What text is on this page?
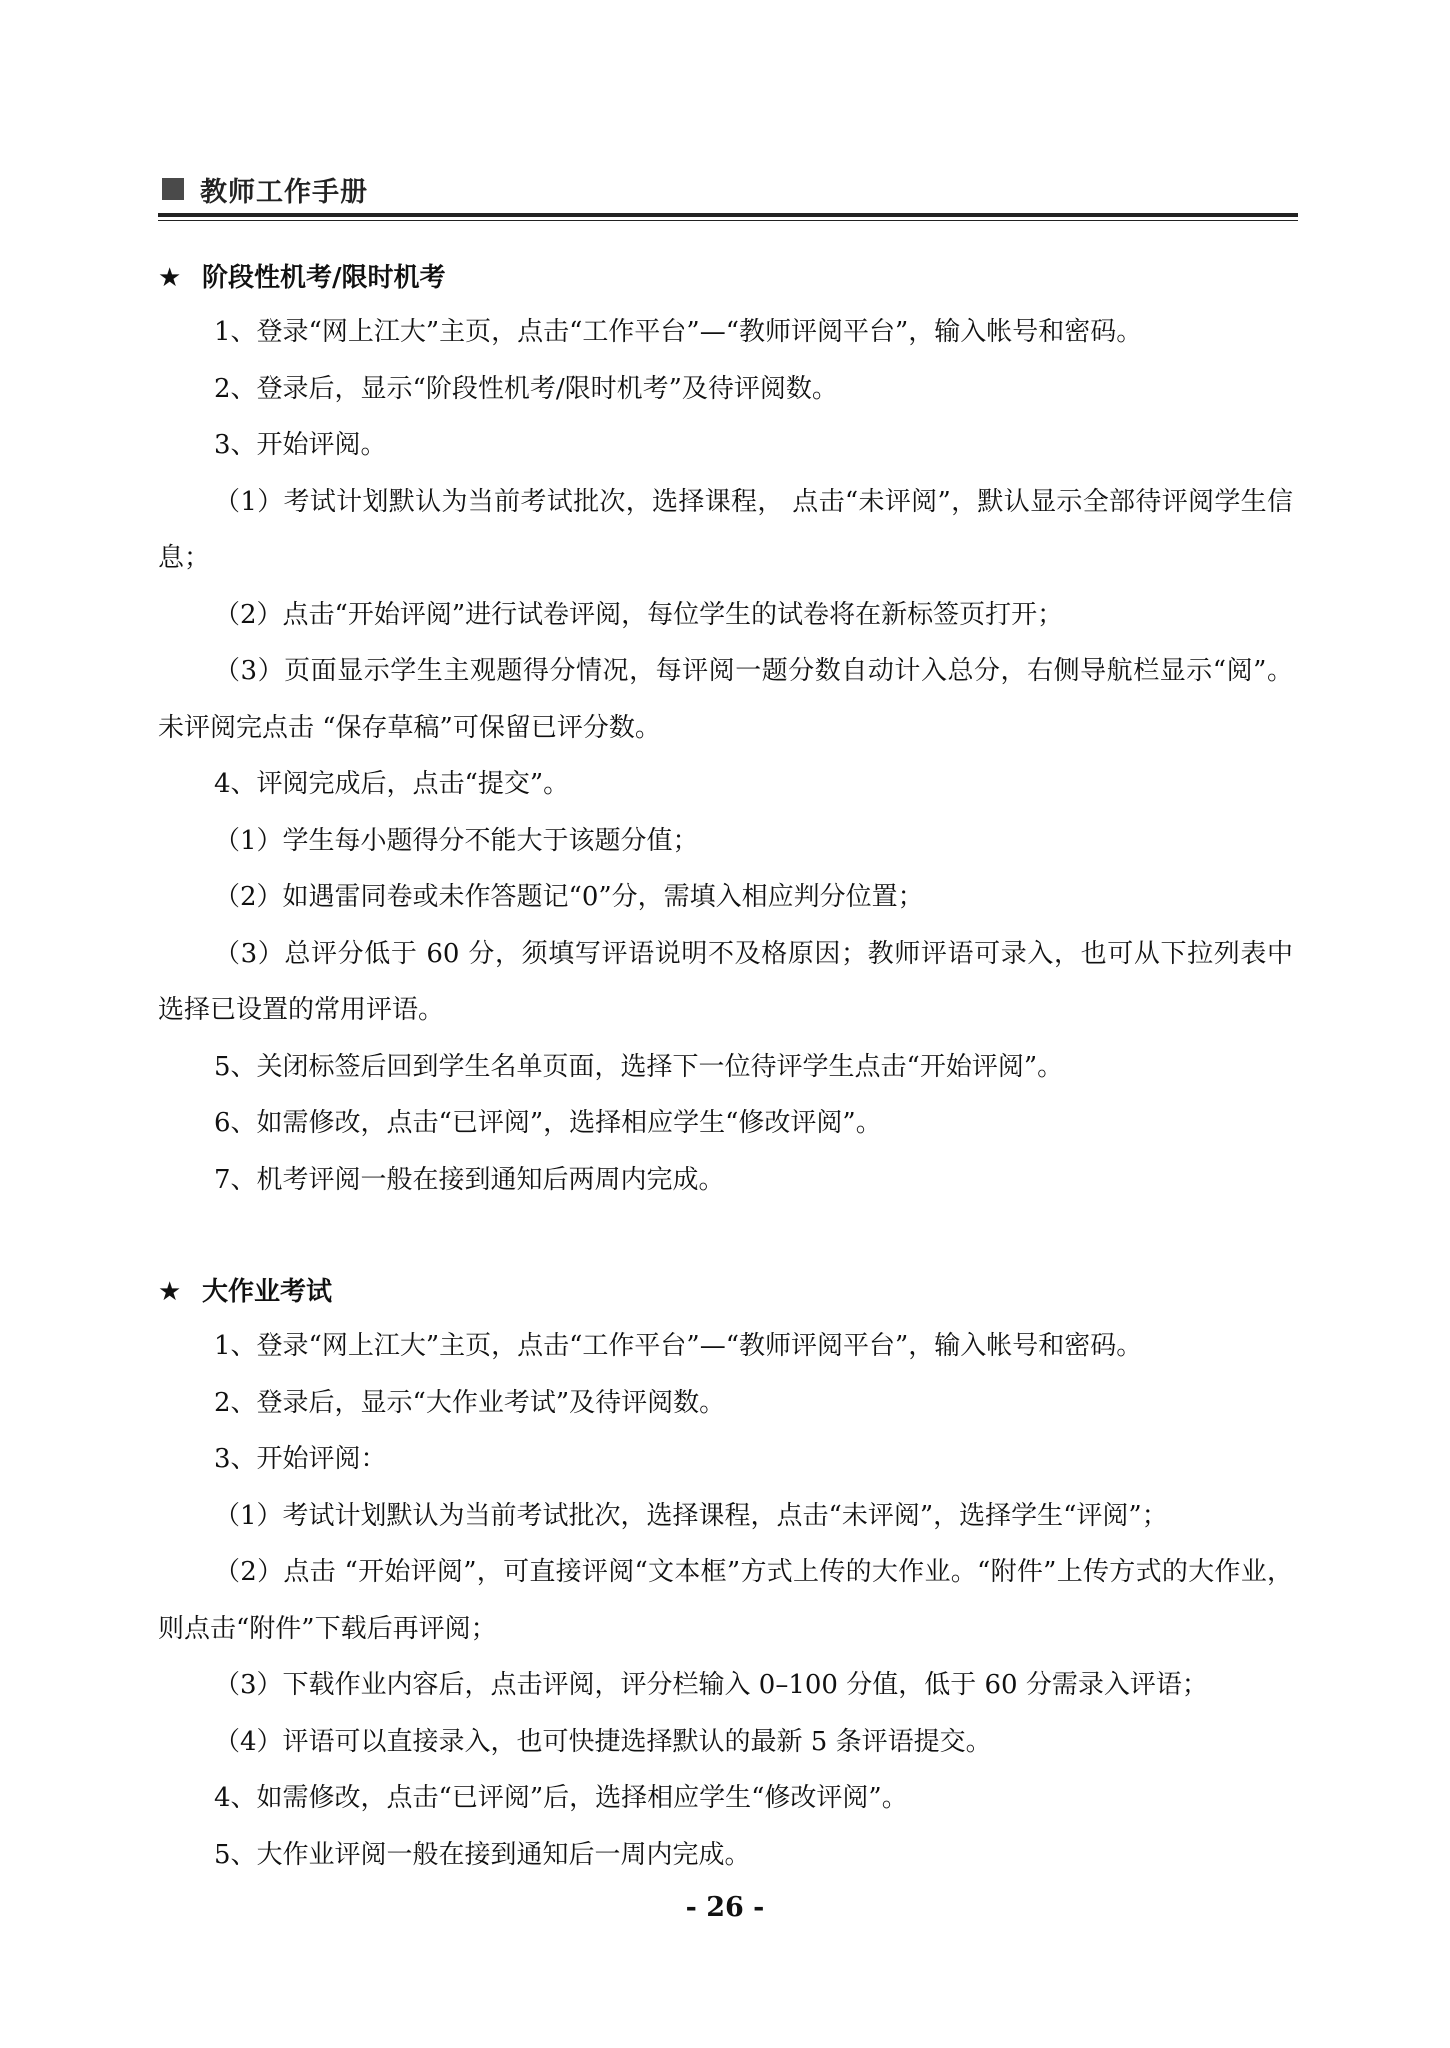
教师工作手册
★ 阶段性机考/限时机考

1、登录“网上江大”主页，点击“工作平台”—“教师评阅平台”，输入帐号和密码。

2、登录后，显示“阶段性机考/限时机考”及待评阅数。

3、开始评阅。

（1）考试计划默认为当前考试批次，选择课程， 点击“未评阅”，默认显示全部待评阅学生信息；

（2）点击“开始评阅”进行试卷评阅，每位学生的试卷将在新标签页打开；

（3）页面显示学生主观题得分情况，每评阅一题分数自动计入总分，右侧导航栏显示“阅”。未评阅完点击 “保存草稿”可保留已评分数。

4、评阅完成后，点击“提交”。

（1）学生每小题得分不能大于该题分值；

（2）如遇雷同卷或未作答题记“0”分，需填入相应判分位置；

（3）总评分低于 60 分，须填写评语说明不及格原因；教师评语可录入，也可从下拉列表中选择已设置的常用评语。

5、关闭标签后回到学生名单页面，选择下一位待评学生点击“开始评阅”。

6、如需修改，点击“已评阅”，选择相应学生“修改评阅”。

7、机考评阅一般在接到通知后两周内完成。

★ 大作业考试

1、登录“网上江大”主页，点击“工作平台”—“教师评阅平台”，输入帐号和密码。

2、登录后，显示“大作业考试”及待评阅数。

3、开始评阅：

（1）考试计划默认为当前考试批次，选择课程，点击“未评阅”，选择学生“评阅”；

（2）点击 “开始评阅”，可直接评阅“文本框”方式上传的大作业。“附件”上传方式的大作业，则点击“附件”下载后再评阅；

（3）下载作业内容后，点击评阅，评分栏输入 0–100 分值，低于 60 分需录入评语；

（4）评语可以直接录入，也可快捷选择默认的最新 5 条评语提交。

4、如需修改，点击“已评阅”后，选择相应学生“修改评阅”。

5、大作业评阅一般在接到通知后一周内完成。

- 26 -
